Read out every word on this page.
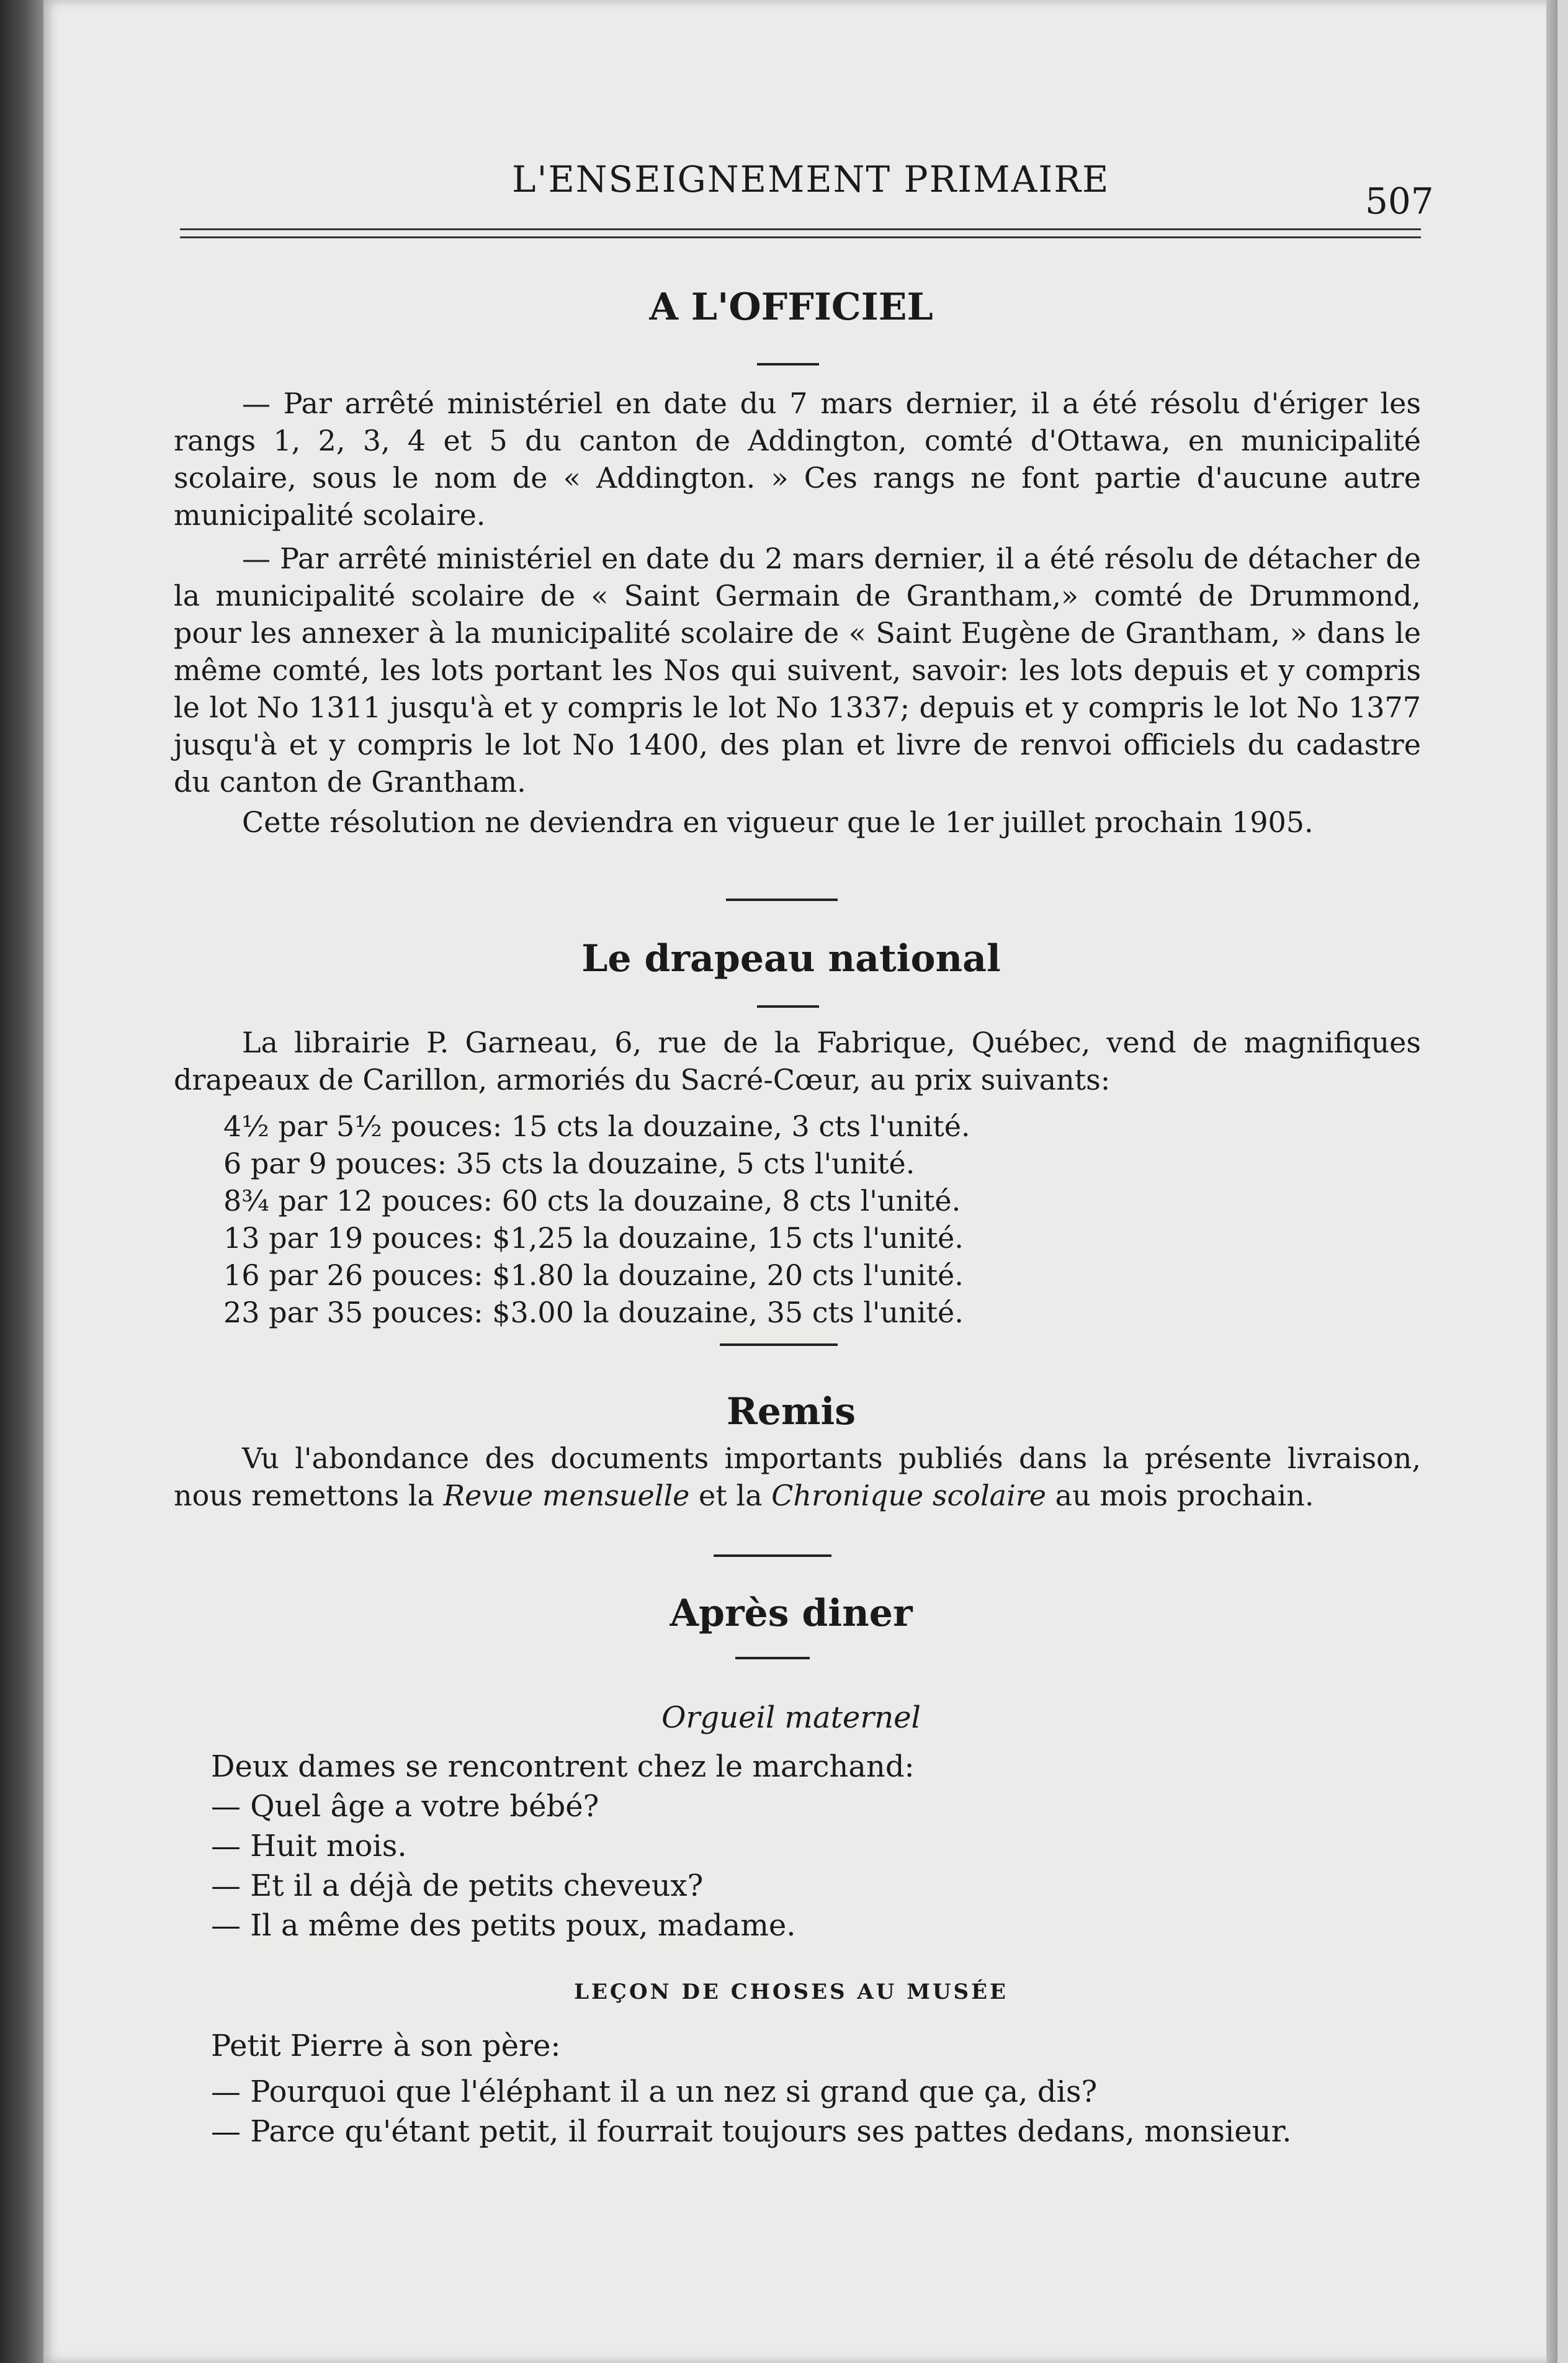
L'ENSEIGNEMENT PRIMAIRE
507
A L'OFFICIEL
— Par arrêté ministériel en date du 7 mars dernier, il a été résolu d'ériger les rangs 1, 2, 3, 4 et 5 du canton de Addington, comté d'Ottawa, en municipalité scolaire, sous le nom de « Addington. » Ces rangs ne font partie d'aucune autre municipalité scolaire.
— Par arrêté ministériel en date du 2 mars dernier, il a été résolu de détacher de la municipalité scolaire de « Saint Germain de Grantham,» comté de Drummond, pour les annexer à la municipalité scolaire de « Saint Eugène de Grantham, » dans le même comté, les lots portant les Nos qui suivent, savoir: les lots depuis et y compris le lot No 1311 jusqu'à et y compris le lot No 1337; depuis et y compris le lot No 1377 jusqu'à et y compris le lot No 1400, des plan et livre de renvoi officiels du cadastre du canton de Grantham.
Cette résolution ne deviendra en vigueur que le 1er juillet prochain 1905.
Le drapeau national
La librairie P. Garneau, 6, rue de la Fabrique, Québec, vend de magnifiques drapeaux de Carillon, armoriés du Sacré-Cœur, au prix suivants:
4½ par 5½ pouces: 15 cts la douzaine, 3 cts l'unité.
6 par 9 pouces: 35 cts la douzaine, 5 cts l'unité.
8¾ par 12 pouces: 60 cts la douzaine, 8 cts l'unité.
13 par 19 pouces: $1,25 la douzaine, 15 cts l'unité.
16 par 26 pouces: $1.80 la douzaine, 20 cts l'unité.
23 par 35 pouces: $3.00 la douzaine, 35 cts l'unité.
Remis
Vu l'abondance des documents importants publiés dans la présente livraison, nous remettons la Revue mensuelle et la Chronique scolaire au mois prochain.
Après diner
Orgueil maternel
Deux dames se rencontrent chez le marchand:
— Quel âge a votre bébé?
— Huit mois.
— Et il a déjà de petits cheveux?
— Il a même des petits poux, madame.
LEÇON DE CHOSES AU MUSÉE
Petit Pierre à son père:
— Pourquoi que l'éléphant il a un nez si grand que ça, dis?
— Parce qu'étant petit, il fourrait toujours ses pattes dedans, monsieur.
